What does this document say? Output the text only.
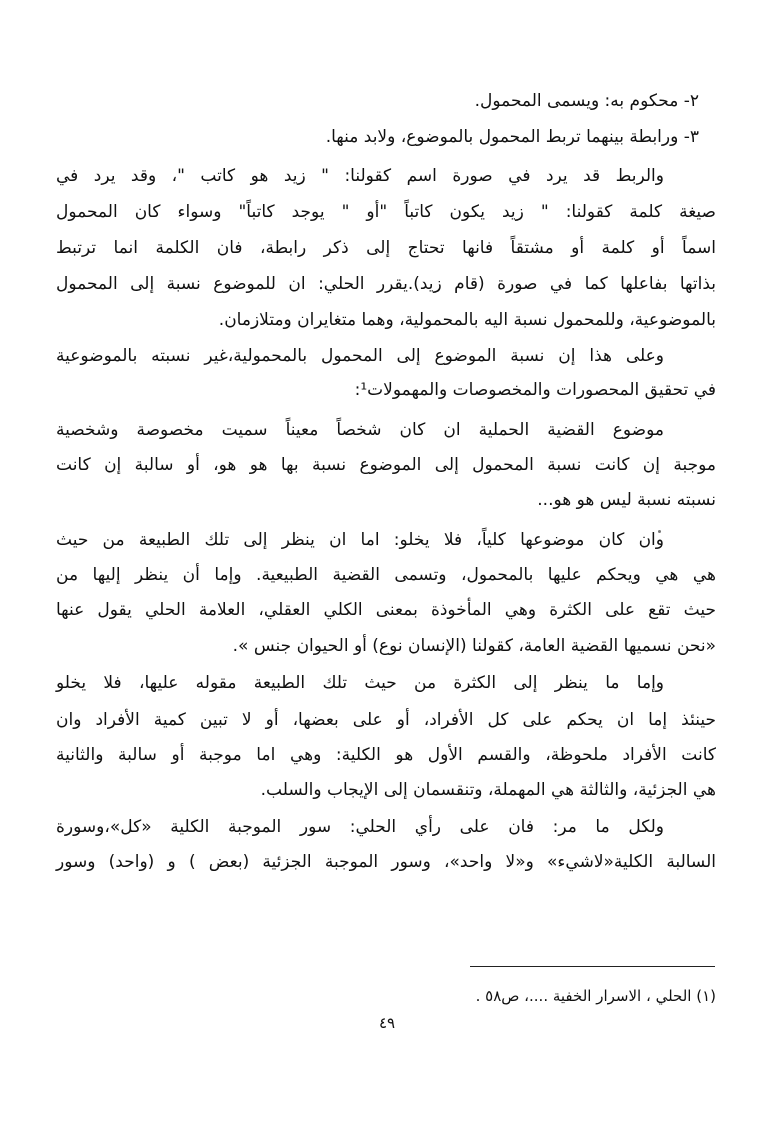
٢- محكوم به: ويسمى المحمول.
٣- ورابطة بينهما تربط المحمول بالموضوع، ولابد منها.
والربط قد يرد في صورة اسم كقولنا: " زيد هو كاتب "، وقد يرد في
صيغة كلمة كقولنا: " زيد يكون كاتباً "أو " يوجد كاتباً" وسواء كان المحمول
اسماً أو كلمة أو مشتقاً فانها تحتاج إلى ذكر رابطة، فان الكلمة انما ترتبط
بذاتها بفاعلها كما في صورة (قام زيد).يقرر الحلي: ان للموضوع نسبة إلى المحمول
بالموضوعية، وللمحمول نسبة اليه بالمحمولية، وهما متغايران ومتلازمان.
وعلى هذا إن نسبة الموضوع إلى المحمول بالمحمولية،غير نسبته بالموضوعية
في تحقيق المحصورات والمخصوصات والمهمولات¹:
موضوع القضية الحملية ان كان شخصاً معيناً سميت مخصوصة وشخصية
موجبة إن كانت نسبة المحمول إلى الموضوع نسبة بها هو هو، أو سالبة إن كانت
نسبته نسبة ليس هو هو...
وان كان موضوعها كلياً، فلا يخلو: اما ان ينظر إلى تلك الطبيعة من حيث
هي هي ويحكم عليها بالمحمول، وتسمى القضية الطبيعية. وإما أن ينظر إليها من
حيث تقع على الكثرة وهي المأخوذة بمعنى الكلي العقلي، العلامة الحلي يقول عنها
«نحن نسميها القضية العامة، كقولنا (الإنسان نوع) أو الحيوان جنس ».
وإما ما ينظر إلى الكثرة من حيث تلك الطبيعة مقوله عليها، فلا يخلو
حينئذ إما ان يحكم على كل الأفراد، أو على بعضها، أو لا تبين كمية الأفراد وان
كانت الأفراد ملحوظة، والقسم الأول هو الكلية: وهي اما موجبة أو سالبة والثانية
هي الجزئية، والثالثة هي المهملة، وتنقسمان إلى الإيجاب والسلب.
ولكل ما مر: فان على رأي الحلي: سور الموجبة الكلية «كل»،وسورة
السالبة الكلية«لاشيء» و«لا واحد»، وسور الموجبة الجزئية (بعض ) و (واحد) وسور
(١) الحلي ، الاسرار الخفية ....، ص٥٨ .
٤٩
